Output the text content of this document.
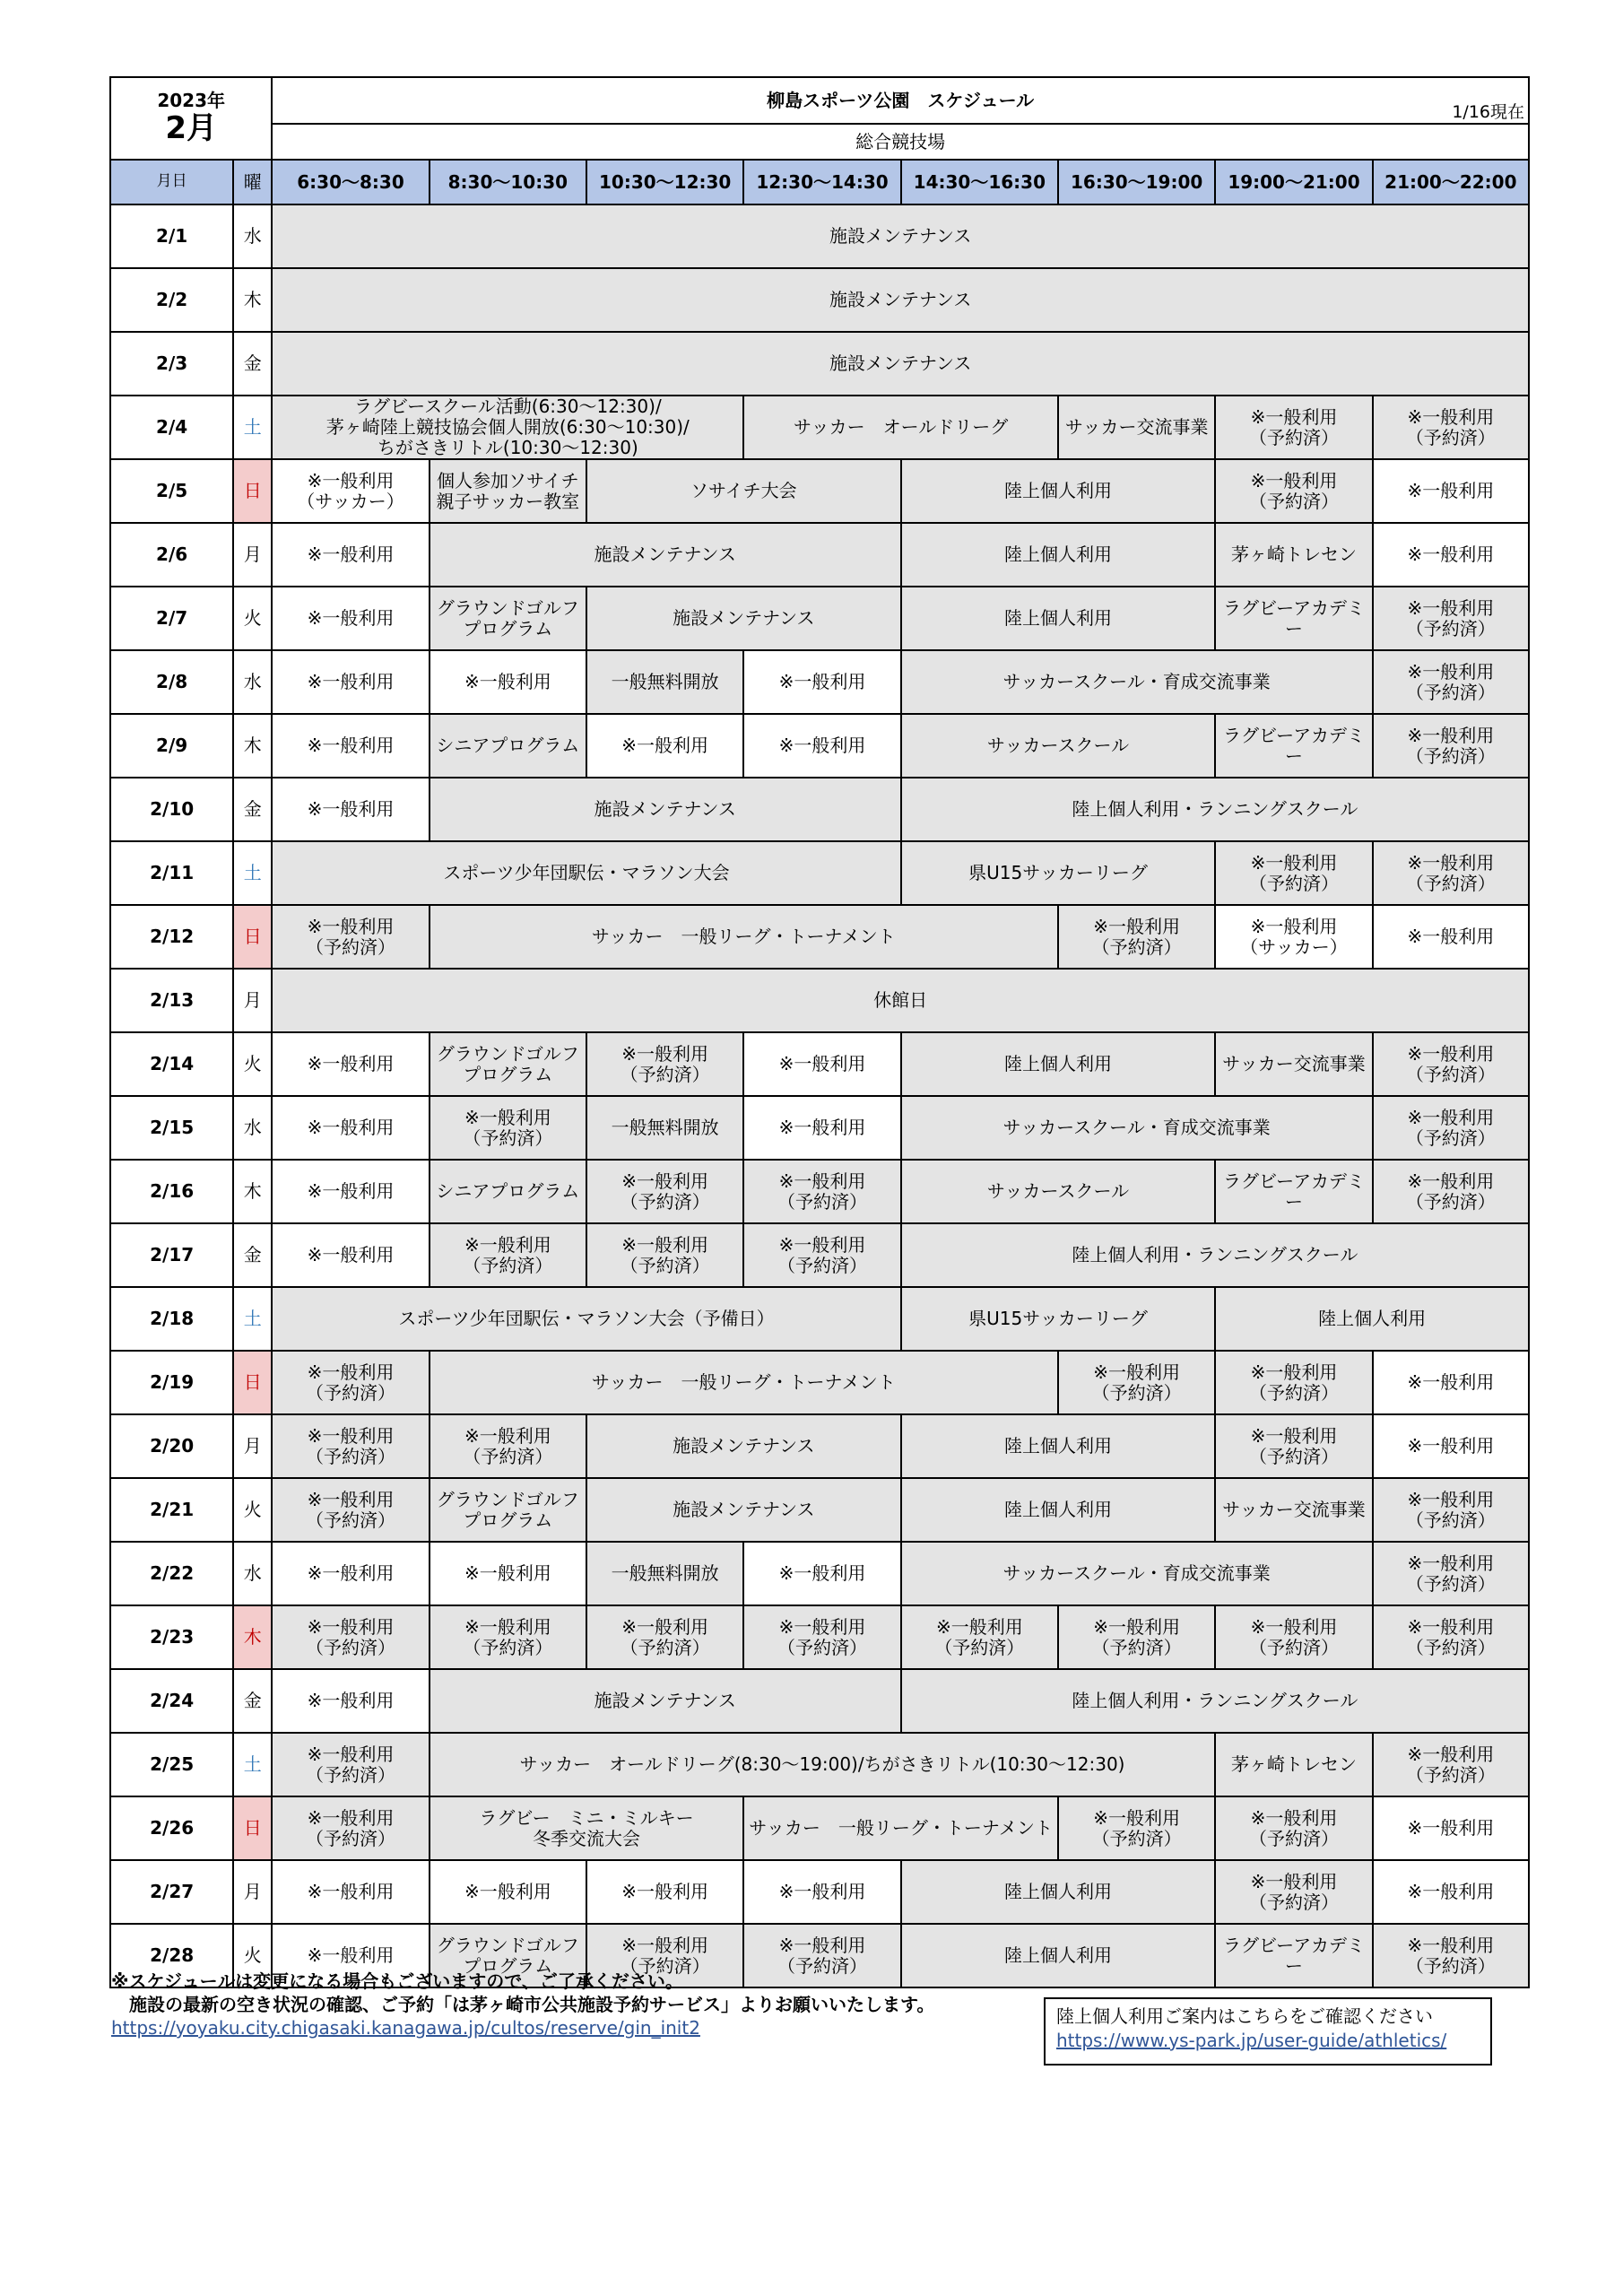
2023年
2月		柳島スポーツ公園　スケジュール
1/16現在							

		総合競技場							
月日	曜	6:30～8:30	8:30～10:30	10:30～12:30	12:30～14:30	14:30～16:30	16:30～19:00	19:00～21:00	21:00～22:00
2/1	水	施設メンテナンス							
2/2	木	施設メンテナンス							
2/3	金	施設メンテナンス							
2/4	土	ラグビースクール活動(6:30～12:30)/
茅ヶ崎陸上競技協会個人開放(6:30～10:30)/
ちがさきリトル(10:30～12:30)			サッカー　オールドリーグ		サッカー交流事業	※一般利用
（予約済）	※一般利用
（予約済）
2/5	日	※一般利用
（サッカー）	個人参加ソサイチ
親子サッカー教室	ソサイチ大会		陸上個人利用		※一般利用
（予約済）	※一般利用
2/6	月	※一般利用	施設メンテナンス			陸上個人利用		茅ヶ崎トレセン	※一般利用
2/7	火	※一般利用	グラウンドゴルフ
プログラム	施設メンテナンス		陸上個人利用		ラグビーアカデミー	※一般利用
（予約済）
2/8	水	※一般利用	※一般利用	一般無料開放	※一般利用	サッカースクール・育成交流事業			※一般利用
（予約済）
2/9	木	※一般利用	シニアプログラム	※一般利用	※一般利用	サッカースクール		ラグビーアカデミー	※一般利用
（予約済）
2/10	金	※一般利用	施設メンテナンス			陸上個人利用・ランニングスクール			
2/11	土	スポーツ少年団駅伝・マラソン大会				県U15サッカーリーグ		※一般利用
（予約済）	※一般利用
（予約済）
2/12	日	※一般利用
（予約済）	サッカー　一般リーグ・トーナメント				※一般利用
（予約済）	※一般利用
（サッカー）	※一般利用
2/13	月	休館日							
2/14	火	※一般利用	グラウンドゴルフ
プログラム	※一般利用
（予約済）	※一般利用	陸上個人利用		サッカー交流事業	※一般利用
（予約済）
2/15	水	※一般利用	※一般利用
（予約済）	一般無料開放	※一般利用	サッカースクール・育成交流事業			※一般利用
（予約済）
2/16	木	※一般利用	シニアプログラム	※一般利用
（予約済）	※一般利用
（予約済）	サッカースクール		ラグビーアカデミー	※一般利用
（予約済）
2/17	金	※一般利用	※一般利用
（予約済）	※一般利用
（予約済）	※一般利用
（予約済）	陸上個人利用・ランニングスクール			
2/18	土	スポーツ少年団駅伝・マラソン大会（予備日）				県U15サッカーリーグ		陸上個人利用	
2/19	日	※一般利用
（予約済）	サッカー　一般リーグ・トーナメント				※一般利用
（予約済）	※一般利用
（予約済）	※一般利用
2/20	月	※一般利用
（予約済）	※一般利用
（予約済）	施設メンテナンス		陸上個人利用		※一般利用
（予約済）	※一般利用
2/21	火	※一般利用
（予約済）	グラウンドゴルフ
プログラム	施設メンテナンス		陸上個人利用		サッカー交流事業	※一般利用
（予約済）
2/22	水	※一般利用	※一般利用	一般無料開放	※一般利用	サッカースクール・育成交流事業			※一般利用
（予約済）
2/23	木	※一般利用
（予約済）	※一般利用
（予約済）	※一般利用
（予約済）	※一般利用
（予約済）	※一般利用
（予約済）	※一般利用
（予約済）	※一般利用
（予約済）	※一般利用
（予約済）
2/24	金	※一般利用	施設メンテナンス			陸上個人利用・ランニングスクール			
2/25	土	※一般利用
（予約済）	サッカー　オールドリーグ(8:30～19:00)/ちがさきリトル(10:30～12:30)					茅ヶ崎トレセン	※一般利用
（予約済）
2/26	日	※一般利用
（予約済）	ラグビー　ミニ・ミルキー
冬季交流大会		サッカー　一般リーグ・トーナメント		※一般利用
（予約済）	※一般利用
（予約済）	※一般利用
2/27	月	※一般利用	※一般利用	※一般利用	※一般利用	陸上個人利用		※一般利用
（予約済）	※一般利用
2/28	火	※一般利用	グラウンドゴルフ
プログラム	※一般利用
（予約済）	※一般利用
（予約済）	陸上個人利用		ラグビーアカデミー	※一般利用
（予約済）
※スケジュールは変更になる場合もございますので、ご了承ください。
施設の最新の空き状況の確認、ご予約「は茅ヶ崎市公共施設予約サービス」よりお願いいたします。
https://yoyaku.city.chigasaki.kanagawa.jp/cultos/reserve/gin_init2
陸上個人利用ご案内はこちらをご確認ください
https://www.ys-park.jp/user-guide/athletics/
